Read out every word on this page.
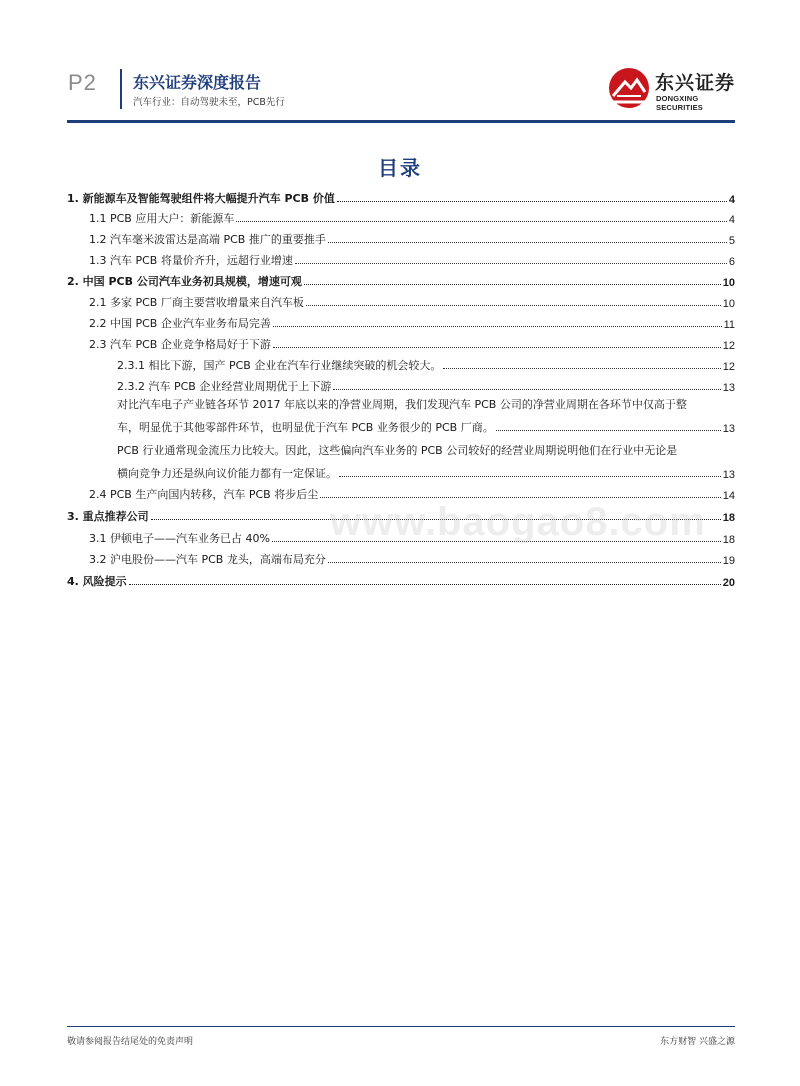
P2 东兴证券深度报告
汽车行业：自动驾驶未至，PCB先行
东兴证券
DONGXING SECURITIES
目录
1. 新能源车及智能驾驶组件将大幅提升汽车 PCB 价值	4
1.1 PCB 应用大户：新能源车	4
1.2 汽车毫米波雷达是高端 PCB 推广的重要推手	5
1.3 汽车 PCB 将量价齐升，远超行业增速	6
2. 中国 PCB 公司汽车业务初具规模，增速可观	10
2.1 多家 PCB 厂商主要营收增量来自汽车板	10
2.2 中国 PCB 企业汽车业务布局完善	11
2.3 汽车 PCB 企业竞争格局好于下游	12
2.3.1 相比下游，国产 PCB 企业在汽车行业继续突破的机会较大。	12
2.3.2 汽车 PCB 企业经营业周期优于上下游	13
对比汽车电子产业链各环节 2017 年底以来的净营业周期，我们发现汽车 PCB 公司的净营业周期在各环节中仅高于整
车，明显优于其他零部件环节，也明显优于汽车 PCB 业务很少的 PCB 厂商。	13
PCB 行业通常现金流压力比较大。因此，这些偏向汽车业务的 PCB 公司较好的经营业周期说明他们在行业中无论是
横向竞争力还是纵向议价能力都有一定保证。	13
2.4 PCB 生产向国内转移，汽车 PCB 将步后尘	14
3. 重点推荐公司	18
3.1 伊顿电子——汽车业务已占 40%	18
3.2 沪电股份——汽车 PCB 龙头，高端布局充分	19
4. 风险提示	20
www.baogao8.com
敬请参阅报告结尾处的免责声明	东方财智 兴盛之源
